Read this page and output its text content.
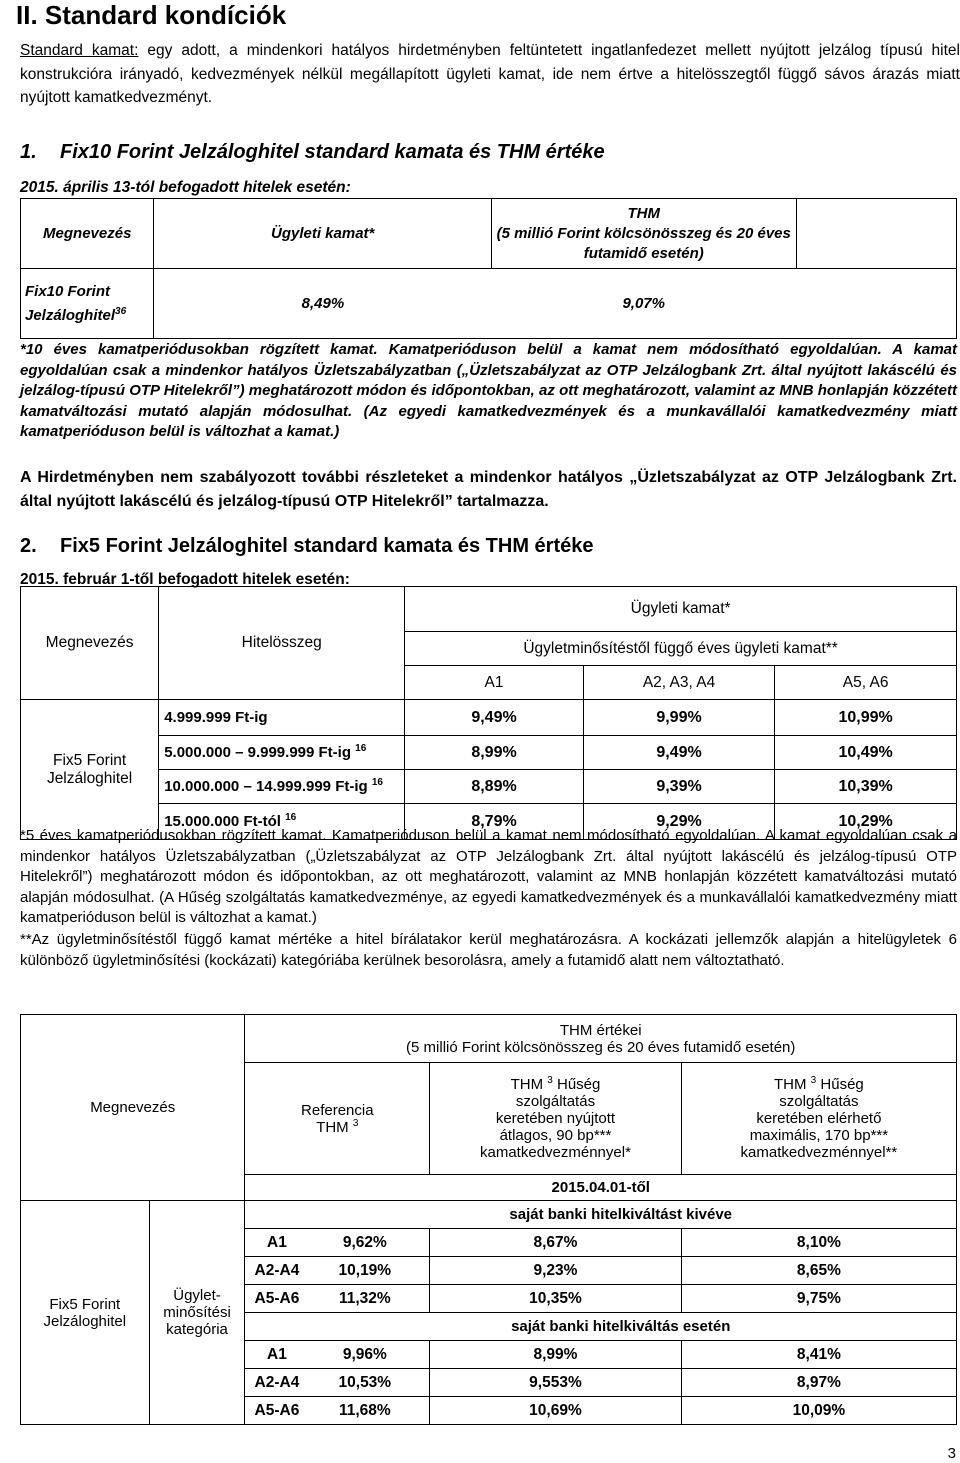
II. Standard kondíciók

Standard kamat: egy adott, a mindenkori hatályos hirdetményben feltüntetett ingatlanfedezet mellett nyújtott jelzálog típusú hitel konstrukcióra irányadó, kedvezmények nélkül megállapított ügyleti kamat, ide nem értve a hitelösszegtől függő sávos árazás miatt nyújtott kamatkedvezményt.

1. Fix10 Forint Jelzáloghitel standard kamata és THM értéke

2015. április 13-tól befogadott hitelek esetén:

Megnevezés	Ügyleti kamat*	THM
(5 millió Forint kölcsönösszeg és 20 éves futamidő esetén)	
Fix10 Forint
Jelzáloghitel$^{36}$	8,49%	9,07%	

*10 éves kamatperiódusokban rögzített kamat. Kamatperióduson belül a kamat nem módosítható egyoldalúan. A kamat egyoldalúan csak a mindenkor hatályos Üzletszabályzatban („Üzletszabályzat az OTP Jelzálogbank Zrt. által nyújtott lakáscélú és jelzálog-típusú OTP Hitelekről”) meghatározott módon és időpontokban, az ott meghatározott, valamint az MNB honlapján közzétett kamatváltozási mutató alapján módosulhat. (Az egyedi kamatkedvezmények és a munkavállalói kamatkedvezmény miatt kamatperióduson belül is változhat a kamat.)

A Hirdetményben nem szabályozott további részleteket a mindenkor hatályos „Üzletszabályzat az OTP Jelzálogbank Zrt. által nyújtott lakáscélú és jelzálog-típusú OTP Hitelekről” tartalmazza.

2. Fix5 Forint Jelzáloghitel standard kamata és THM értéke

2015. február 1-től befogadott hitelek esetén:

Megnevezés	Hitelösszeg	Ügyleti kamat*		
		Ügyletminősítéstől függő éves ügyleti kamat**		
		A1	A2, A3, A4	A5, A6
Fix5 Forint
Jelzáloghitel	4.999.999 Ft-ig	9,49%	9,99%	10,99%
	5.000.000 – 9.999.999 Ft-ig $^{16}$	8,99%	9,49%	10,49%
	10.000.000 – 14.999.999 Ft-ig $^{16}$	8,89%	9,39%	10,39%
	15.000.000 Ft-tól $^{16}$	8,79%	9,29%	10,29%

*5 éves kamatperiódusokban rögzített kamat. Kamatperióduson belül a kamat nem módosítható egyoldalúan. A kamat egyoldalúan csak a mindenkor hatályos Üzletszabályzatban („Üzletszabályzat az OTP Jelzálogbank Zrt. által nyújtott lakáscélú és jelzálog-típusú OTP Hitelekről”) meghatározott módon és időpontokban, az ott meghatározott, valamint az MNB honlapján közzétett kamatváltozási mutató alapján módosulhat. (A Hűség szolgáltatás kamatkedvezménye, az egyedi kamatkedvezmények és a munkavállalói kamatkedvezmény miatt kamatperióduson belül is változhat a kamat.)

**Az ügyletminősítéstől függő kamat mértéke a hitel bírálatakor kerül meghatározásra. A kockázati jellemzők alapján a hitelügyletek 6 különböző ügyletminősítési (kockázati) kategóriába kerülnek besorolásra, amely a futamidő alatt nem változtatható.

Megnevezés		THM értékei
(5 millió Forint kölcsönösszeg és 20 éves futamidő esetén)		
		Referencia
THM $^3$	THM $^3$ Hűség
szolgáltatás
keretében nyújtott
átlagos, 90 bp***
kamatkedvezménnyel*	THM $^3$ Hűség
szolgáltatás
keretében elérhető
maximális, 170 bp***
kamatkedvezménnyel**
		2015.04.01-től		
Fix5 Forint
Jelzáloghitel	Ügylet-
minősítési
kategória	saját banki hitelkiváltást kivéve		

		A1 9,62%	8,67%	8,10%

		A2-A4 10,19%	9,23%	8,65%

		A5-A6 11,32%	10,35%	9,75%
		saját banki hitelkiváltás esetén		

		A1 9,96%	8,99%	8,41%

		A2-A4 10,53%	9,553%	8,97%

		A5-A6 11,68%	10,69%	10,09%
3
